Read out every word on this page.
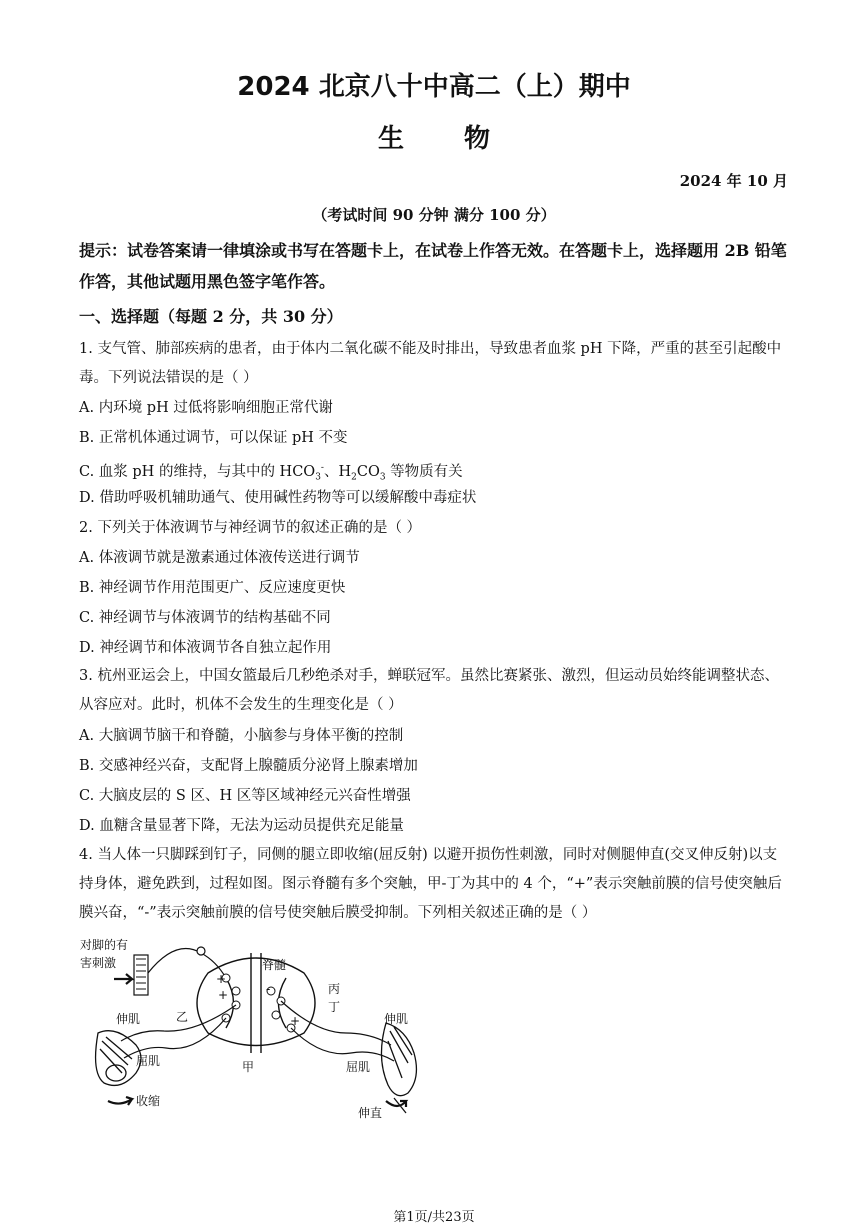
2024 北京八十中高二（上）期中
生物
2024 年 10 月
（考试时间 90 分钟 满分 100 分）
提示：试卷答案请一律填涂或书写在答题卡上，在试卷上作答无效。在答题卡上，选择题用 2B 铅笔作答，其他试题用黑色签字笔作答。
一、选择题（每题 2 分，共 30 分）
1. 支气管、肺部疾病的患者，由于体内二氧化碳不能及时排出，导致患者血浆 pH 下降，严重的甚至引起酸中毒。下列说法错误的是（ ）
A. 内环境 pH 过低将影响细胞正常代谢
B. 正常机体通过调节，可以保证 pH 不变
C. 血浆 pH 的维持，与其中的 $HCO_3^-$、$H_2CO_3$ 等物质有关
D. 借助呼吸机辅助通气、使用碱性药物等可以缓解酸中毒症状
2. 下列关于体液调节与神经调节的叙述正确的是（ ）
A. 体液调节就是激素通过体液传送进行调节
B. 神经调节作用范围更广、反应速度更快
C. 神经调节与体液调节的结构基础不同
D. 神经调节和体液调节各自独立起作用
3. 杭州亚运会上，中国女篮最后几秒绝杀对手，蝉联冠军。虽然比赛紧张、激烈，但运动员始终能调整状态、从容应对。此时，机体不会发生的生理变化是（ ）
A. 大脑调节脑干和脊髓，小脑参与身体平衡的控制
B. 交感神经兴奋，支配肾上腺髓质分泌肾上腺素增加
C. 大脑皮层的 S 区、H 区等区域神经元兴奋性增强
D. 血糖含量显著下降，无法为运动员提供充足能量
4. 当人体一只脚踩到钉子，同侧的腿立即收缩(屈反射) 以避开损伤性刺激，同时对侧腿伸直(交叉伸反射)以支持身体，避免跌到，过程如图。图示脊髓有多个突触，甲-丁为其中的 4 个，“+”表示突触前膜的信号使突触后膜兴奋，“-”表示突触前膜的信号使突触后膜受抑制。下列相关叙述正确的是（ ）
对脚的有
害刺激	脊髓
丙
丁
乙
甲
伸肌
屈肌
收缩
伸肌
屈肌
伸直
+
+	-
+
第1页/共23页
